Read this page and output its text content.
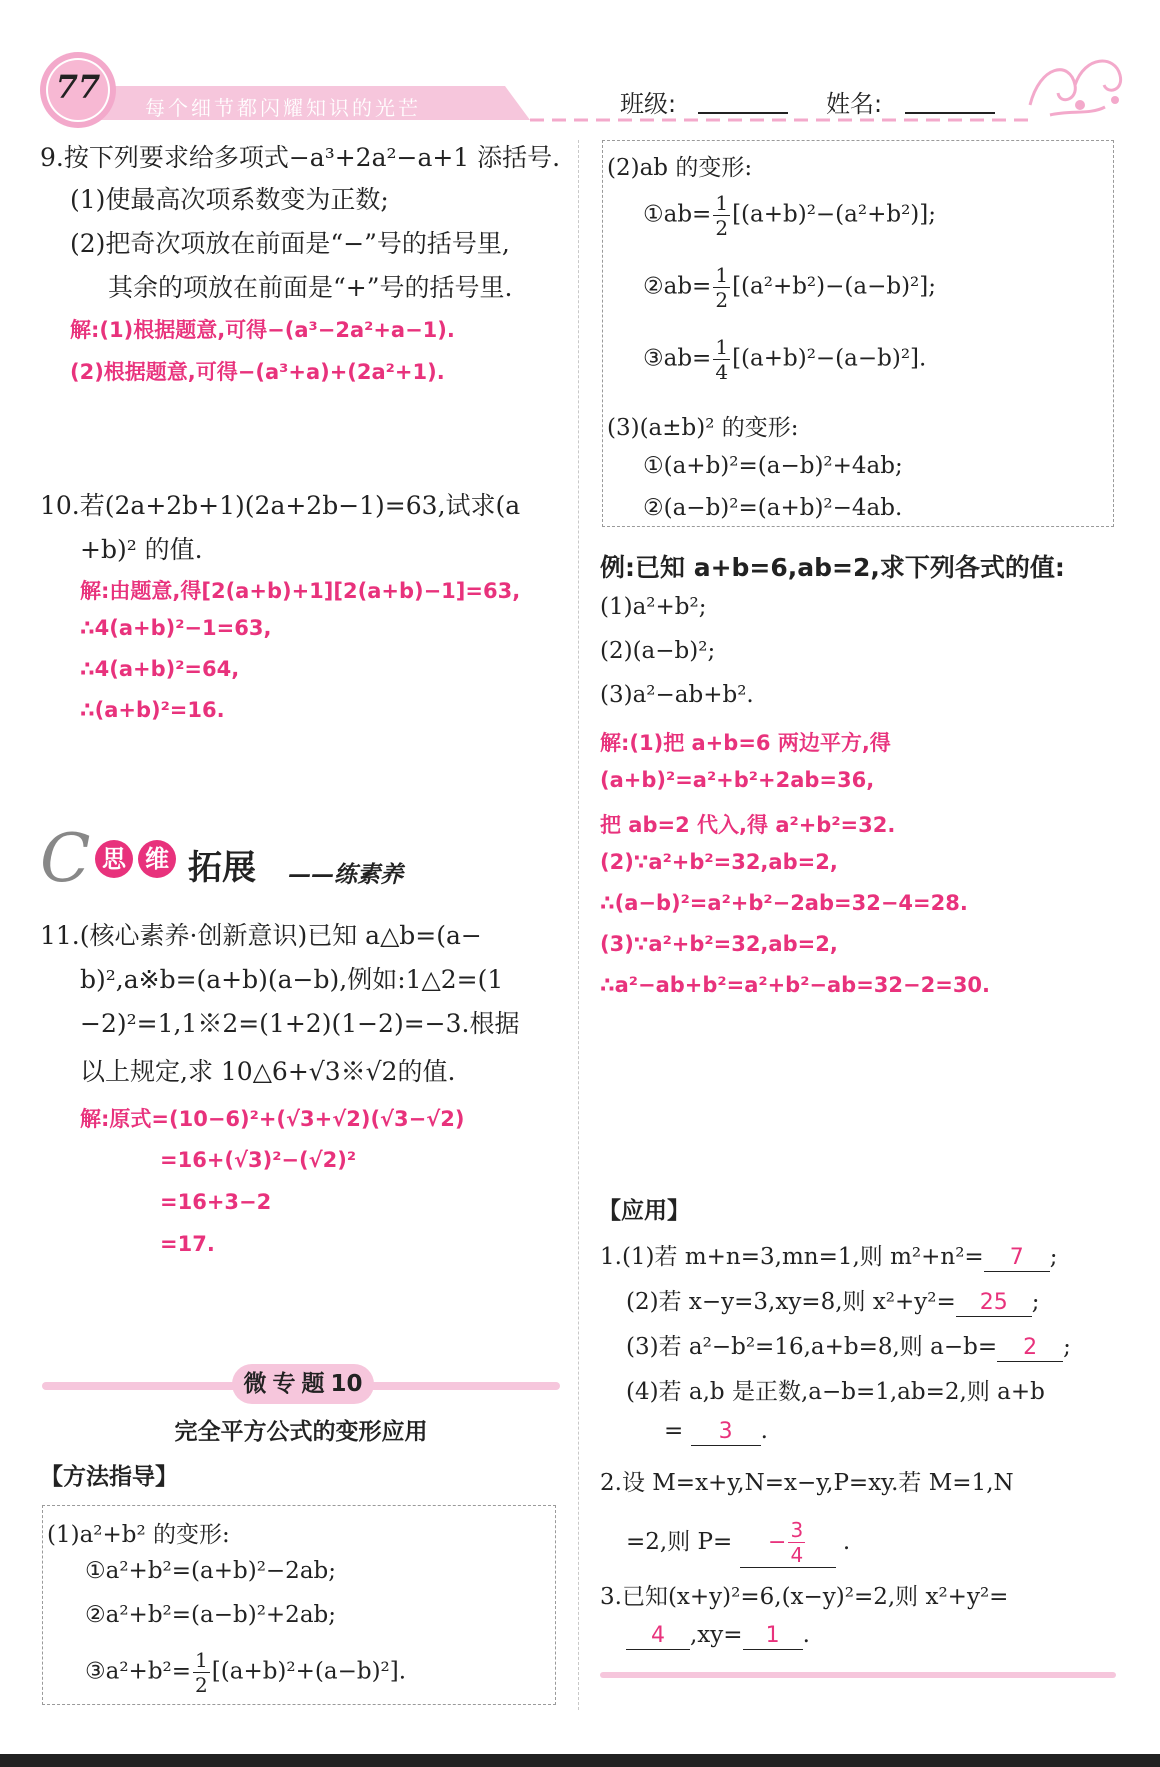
77
每个细节都闪耀知识的光芒	班级:	姓名:
9.按下列要求给多项式−a³+2a²−a+1 添括号.
(1)使最高次项系数变为正数;
(2)把奇次项放在前面是“−”号的括号里,
其余的项放在前面是“+”号的括号里.
解:(1)根据题意,可得−(a³−2a²+a−1).
(2)根据题意,可得−(a³+a)+(2a²+1).
10.若(2a+2b+1)(2a+2b−1)=63,试求(a
+b)² 的值.
解:由题意,得[2(a+b)+1][2(a+b)−1]=63,
∴4(a+b)²−1=63,
∴4(a+b)²=64,
∴(a+b)²=16.
C 思 维 拓展 ——练素养
11.(核心素养·创新意识)已知 a△b=(a−
b)²,a※b=(a+b)(a−b),例如:1△2=(1
−2)²=1,1※2=(1+2)(1−2)=−3.根据
以上规定,求 10△6+√3※√2的值.
解:原式=(10−6)²+(√3+√2)(√3−√2)
=16+(√3)²−(√2)²
=16+3−2
=17.
微专题10
完全平方公式的变形应用
【方法指导】
(1)a²+b² 的变形:
①a²+b²=(a+b)²−2ab;
②a²+b²=(a−b)²+2ab;
③a²+b²= $\frac{1}{2} [(a+b)^2+(a-b)^2]$.
(2)ab 的变形:
①ab= $\frac{1}{2} [(a+b)^2-(a^2+b^2)]$;
②ab= $\frac{1}{2} [(a^2+b^2)-(a-b)^2]$;
③ab= $\frac{1}{4} [(a+b)^2-(a-b)^2]$.
(3)(a±b)² 的变形:
①(a+b)²=(a−b)²+4ab;
②(a−b)²=(a+b)²−4ab.
例:已知 a+b=6,ab=2,求下列各式的值:
(1)a²+b²;
(2)(a−b)²;
(3)a²−ab+b².
解:(1)把 a+b=6 两边平方,得
(a+b)²=a²+b²+2ab=36,
把 ab=2 代入,得 a²+b²=32.
(2)∵a²+b²=32,ab=2,
∴(a−b)²=a²+b²−2ab=32−4=28.
(3)∵a²+b²=32,ab=2,
∴a²−ab+b²=a²+b²−ab=32−2=30.
【应用】
1.(1)若 m+n=3,mn=1,则 m²+n²= 7 ;
(2)若 x−y=3,xy=8,则 x²+y²= 25 ;
(3)若 a²−b²=16,a+b=8,则 a−b= 2 ;
(4)若 a,b 是正数,a−b=1,ab=2,则 a+b
= 3 .
2.设 M=x+y,N=x−y,P=xy.若 M=1,N
=2,则 $P= - \frac{3}{4}$ .
3.已知(x+y)²=6,(x−y)²=2,则 x²+y²=
4 ,xy= 1 .
